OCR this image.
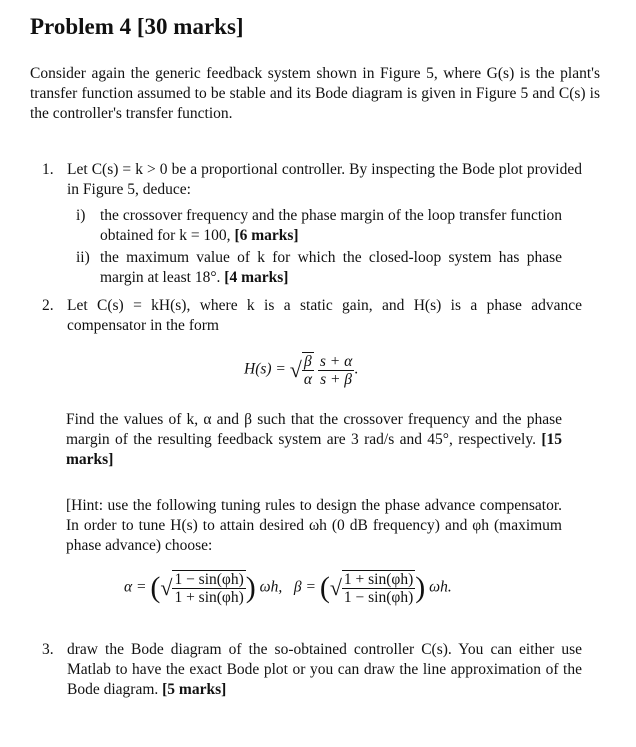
Problem 4 [30 marks]
Consider again the generic feedback system shown in Figure 5, where G(s) is the plant's transfer function assumed to be stable and its Bode diagram is given in Figure 5 and C(s) is the controller's transfer function.
1. Let C(s) = k > 0 be a proportional controller. By inspecting the Bode plot provided in Figure 5, deduce:
i) the crossover frequency and the phase margin of the loop transfer function obtained for k = 100, [6 marks]
ii) the maximum value of k for which the closed-loop system has phase margin at least 18°. [4 marks]
2. Let C(s) = kH(s), where k is a static gain, and H(s) is a phase advance compensator in the form
H(s) = √ $\frac{\beta}{\alpha}$
$\frac{s + \alpha}{s + \beta}$ .
Find the values of k, α and β such that the crossover frequency and the phase margin of the resulting feedback system are 3 rad/s and 45°, respectively. [15 marks]
[Hint: use the following tuning rules to design the phase advance compensator. In order to tune H(s) to attain desired ωh (0 dB frequency) and φh (maximum phase advance) choose:
α = (√ $\frac{1 - \sin(\varphi h)}{1 + \sin(\varphi h)}$ ) ωh, β = (√ $\frac{1 + \sin(\varphi h)}{1 - \sin(\varphi h)}$ ) ωh.
3. draw the Bode diagram of the so-obtained controller C(s). You can either use Matlab to have the exact Bode plot or you can draw the line approximation of the Bode diagram. [5 marks]
